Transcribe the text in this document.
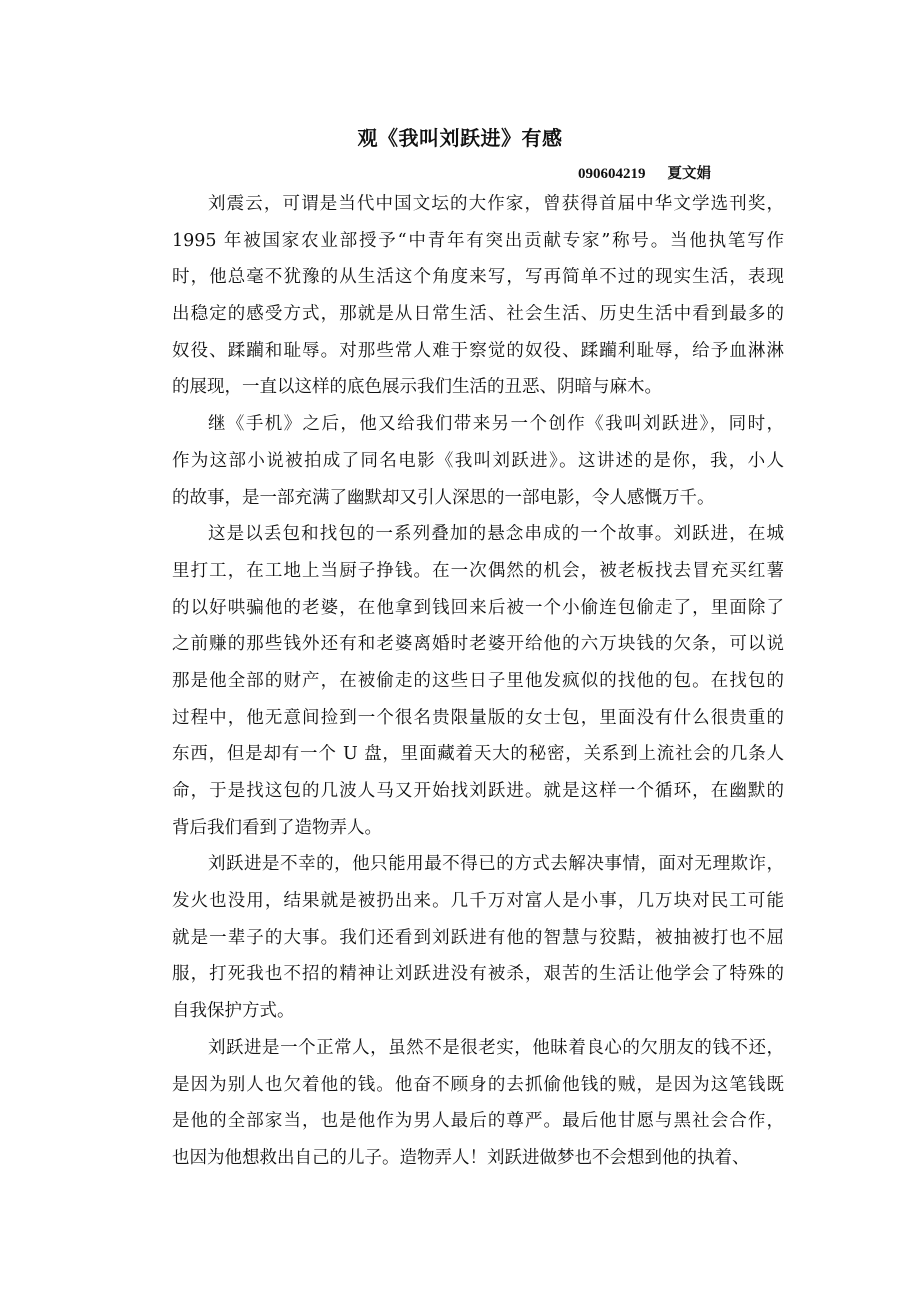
观《我叫刘跃进》有感
090604219 夏文娟
刘震云，可谓是当代中国文坛的大作家，曾获得首届中华文学选刊奖，
1995 年被国家农业部授予“中青年有突出贡献专家”称号。当他执笔写作
时，他总毫不犹豫的从生活这个角度来写，写再简单不过的现实生活，表现
出稳定的感受方式，那就是从日常生活、社会生活、历史生活中看到最多的
奴役、蹂躏和耻辱。对那些常人难于察觉的奴役、蹂躏利耻辱，给予血淋淋
的展现，一直以这样的底色展示我们生活的丑恶、阴暗与麻木。
继《手机》之后，他又给我们带来另一个创作《我叫刘跃进》，同时，
作为这部小说被拍成了同名电影《我叫刘跃进》。这讲述的是你，我，小人
的故事，是一部充满了幽默却又引人深思的一部电影，令人感慨万千。
这是以丢包和找包的一系列叠加的悬念串成的一个故事。刘跃进，在城
里打工，在工地上当厨子挣钱。在一次偶然的机会，被老板找去冒充买红薯
的以好哄骗他的老婆，在他拿到钱回来后被一个小偷连包偷走了，里面除了
之前赚的那些钱外还有和老婆离婚时老婆开给他的六万块钱的欠条，可以说
那是他全部的财产，在被偷走的这些日子里他发疯似的找他的包。在找包的
过程中，他无意间捡到一个很名贵限量版的女士包，里面没有什么很贵重的
东西，但是却有一个 U 盘，里面藏着天大的秘密，关系到上流社会的几条人
命，于是找这包的几波人马又开始找刘跃进。就是这样一个循环，在幽默的
背后我们看到了造物弄人。
刘跃进是不幸的，他只能用最不得已的方式去解决事情，面对无理欺诈，
发火也没用，结果就是被扔出来。几千万对富人是小事，几万块对民工可能
就是一辈子的大事。我们还看到刘跃进有他的智慧与狡黠，被抽被打也不屈
服，打死我也不招的精神让刘跃进没有被杀，艰苦的生活让他学会了特殊的
自我保护方式。
刘跃进是一个正常人，虽然不是很老实，他昧着良心的欠朋友的钱不还，
是因为别人也欠着他的钱。他奋不顾身的去抓偷他钱的贼，是因为这笔钱既
是他的全部家当，也是他作为男人最后的尊严。最后他甘愿与黑社会合作，
也因为他想救出自己的儿子。造物弄人！刘跃进做梦也不会想到他的执着、
